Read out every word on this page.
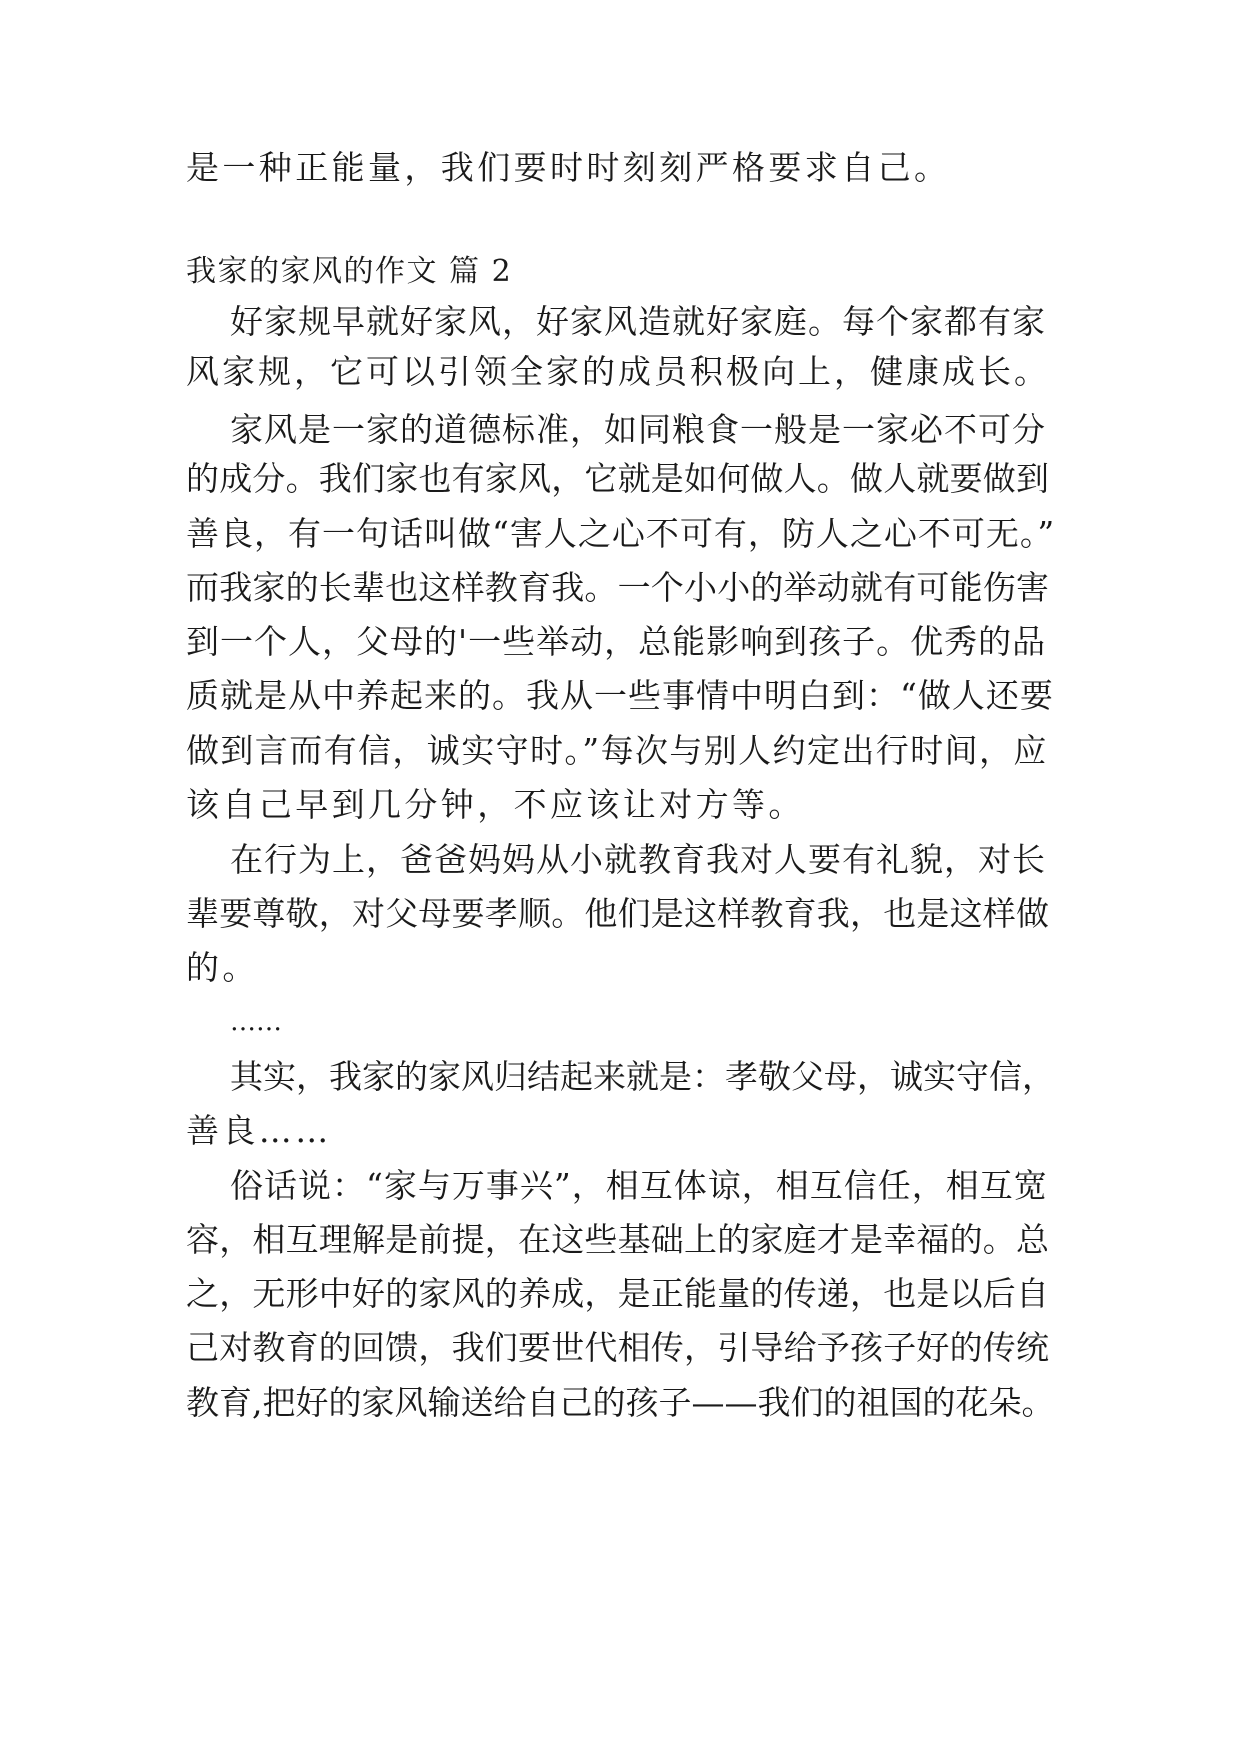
是一种正能量，我们要时时刻刻严格要求自己。
我家的家风的作文 篇 2
好家规早就好家风，好家风造就好家庭。每个家都有家
风家规，它可以引领全家的成员积极向上，健康成长。
家风是一家的道德标准，如同粮食一般是一家必不可分
的成分。我们家也有家风，它就是如何做人。做人就要做到
善良，有一句话叫做“害人之心不可有，防人之心不可无。”
而我家的长辈也这样教育我。一个小小的举动就有可能伤害
到一个人，父母的'一些举动，总能影响到孩子。优秀的品
质就是从中养起来的。我从一些事情中明白到：“做人还要
做到言而有信，诚实守时。”每次与别人约定出行时间，应
该自己早到几分钟，不应该让对方等。
在行为上，爸爸妈妈从小就教育我对人要有礼貌，对长
辈要尊敬，对父母要孝顺。他们是这样教育我，也是这样做
的。
……
其实，我家的家风归结起来就是：孝敬父母，诚实守信，
善良……
俗话说：“家与万事兴”，相互体谅，相互信任，相互宽
容，相互理解是前提，在这些基础上的家庭才是幸福的。总
之，无形中好的家风的养成，是正能量的传递，也是以后自
己对教育的回馈，我们要世代相传，引导给予孩子好的传统
教育,把好的家风输送给自己的孩子——我们的祖国的花朵。
